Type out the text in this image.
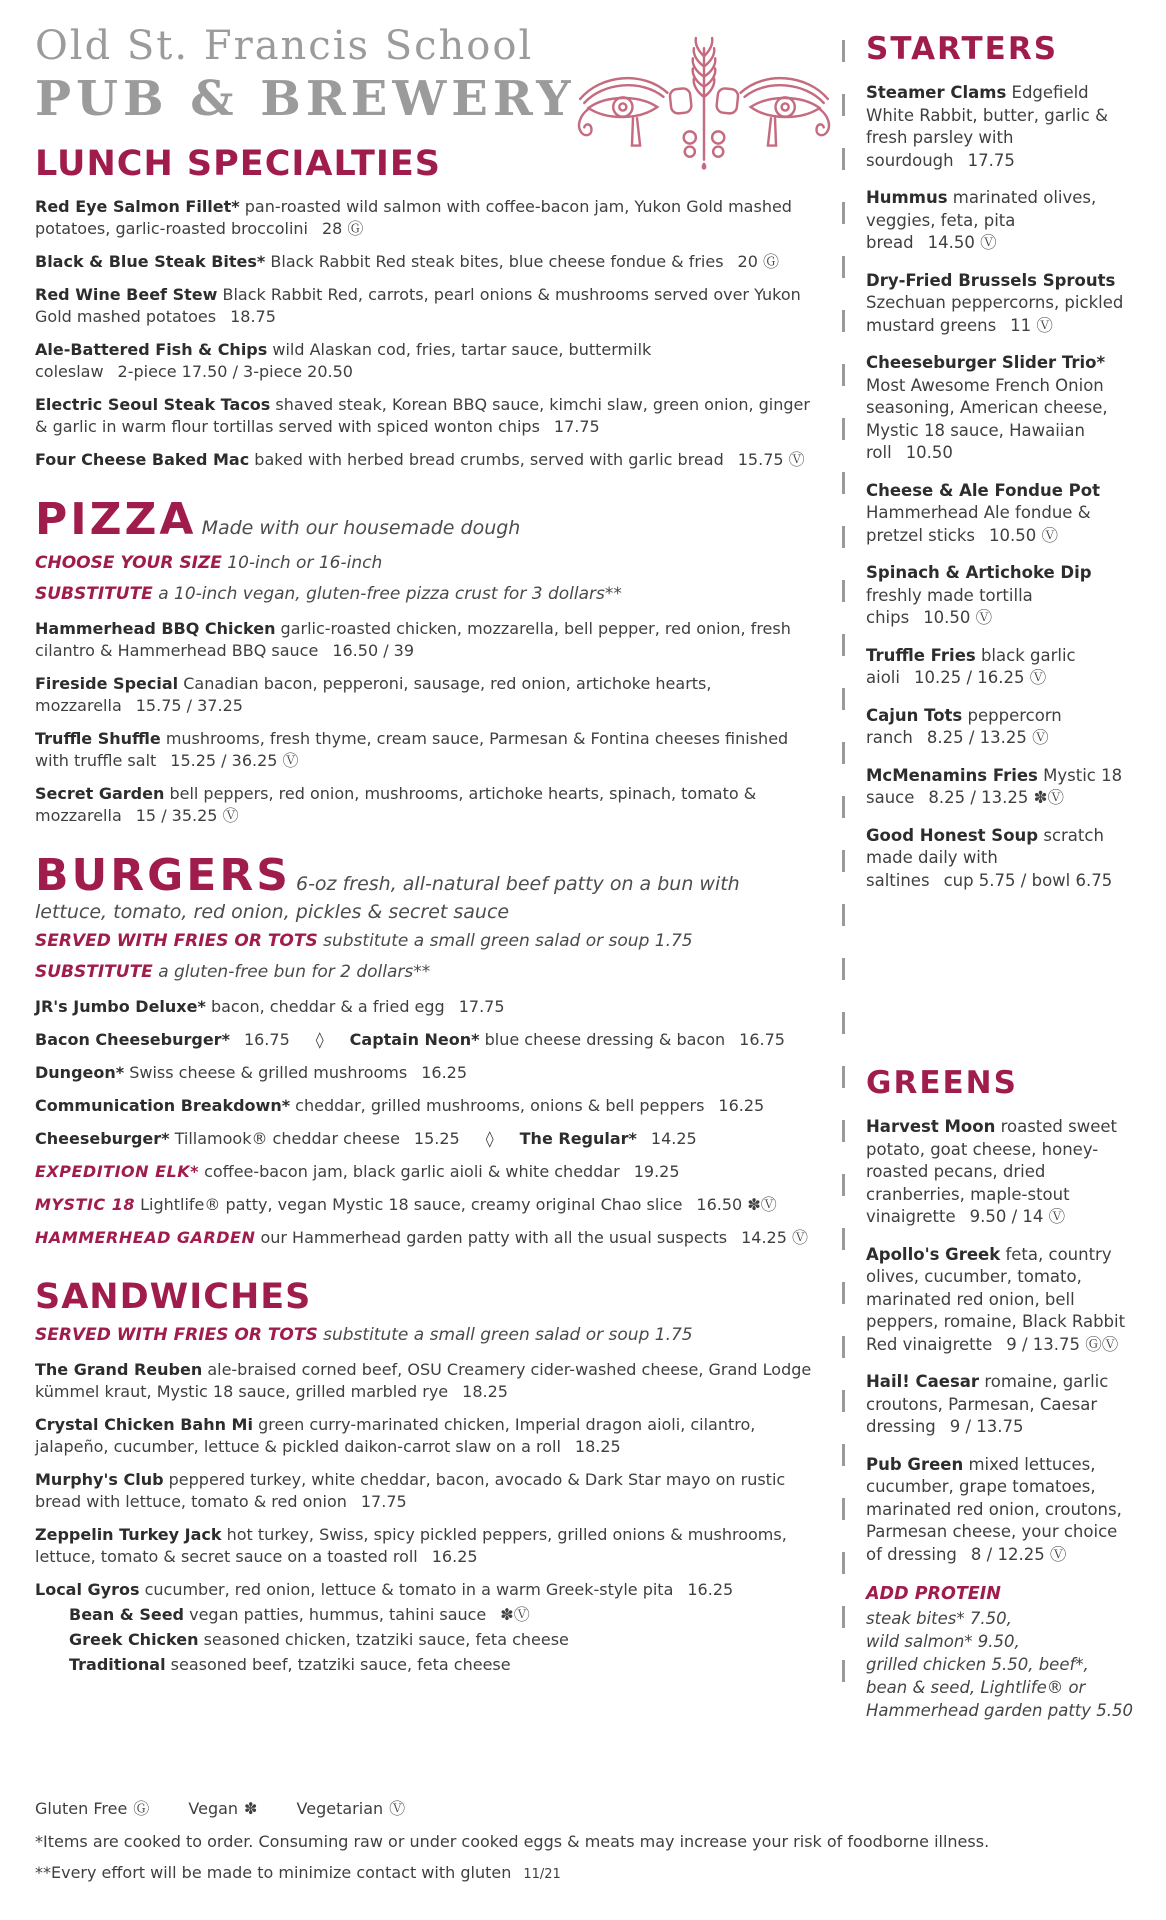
Old St. Francis School
PUB & BREWERY
LUNCH SPECIALTIES

Red Eye Salmon Fillet* pan-roasted wild salmon with coffee-bacon jam, Yukon Gold mashed potatoes, garlic-roasted broccolini 28 Ⓖ

Black & Blue Steak Bites* Black Rabbit Red steak bites, blue cheese fondue & fries 20 Ⓖ

Red Wine Beef Stew Black Rabbit Red, carrots, pearl onions & mushrooms served over Yukon Gold mashed potatoes 18.75

Ale-Battered Fish & Chips wild Alaskan cod, fries, tartar sauce, buttermilk coleslaw 2-piece 17.50 / 3-piece 20.50

Electric Seoul Steak Tacos shaved steak, Korean BBQ sauce, kimchi slaw, green onion, ginger & garlic in warm flour tortillas served with spiced wonton chips 17.75

Four Cheese Baked Mac baked with herbed bread crumbs, served with garlic bread 15.75 Ⓥ

PIZZA Made with our housemade dough

CHOOSE YOUR SIZE 10-inch or 16-inch

SUBSTITUTE a 10-inch vegan, gluten-free pizza crust for 3 dollars**

Hammerhead BBQ Chicken garlic-roasted chicken, mozzarella, bell pepper, red onion, fresh cilantro & Hammerhead BBQ sauce 16.50 / 39

Fireside Special Canadian bacon, pepperoni, sausage, red onion, artichoke hearts, mozzarella 15.75 / 37.25

Truffle Shuffle mushrooms, fresh thyme, cream sauce, Parmesan & Fontina cheeses finished with truffle salt 15.25 / 36.25 Ⓥ

Secret Garden bell peppers, red onion, mushrooms, artichoke hearts, spinach, tomato & mozzarella 15 / 35.25 Ⓥ

BURGERS 6-oz fresh, all-natural beef patty on a bun with lettuce, tomato, red onion, pickles & secret sauce

SERVED WITH FRIES OR TOTS substitute a small green salad or soup 1.75

SUBSTITUTE a gluten-free bun for 2 dollars**

JR's Jumbo Deluxe* bacon, cheddar & a fried egg 17.75

Bacon Cheeseburger* 16.75 ◊ Captain Neon* blue cheese dressing & bacon 16.75

Dungeon* Swiss cheese & grilled mushrooms 16.25

Communication Breakdown* cheddar, grilled mushrooms, onions & bell peppers 16.25

Cheeseburger* Tillamook® cheddar cheese 15.25 ◊ The Regular* 14.25

EXPEDITION ELK* coffee-bacon jam, black garlic aioli & white cheddar 19.25

MYSTIC 18 Lightlife® patty, vegan Mystic 18 sauce, creamy original Chao slice 16.50 ✽Ⓥ

HAMMERHEAD GARDEN our Hammerhead garden patty with all the usual suspects 14.25 Ⓥ

SANDWICHES

SERVED WITH FRIES OR TOTS substitute a small green salad or soup 1.75

The Grand Reuben ale-braised corned beef, OSU Creamery cider-washed cheese, Grand Lodge kümmel kraut, Mystic 18 sauce, grilled marbled rye 18.25

Crystal Chicken Bahn Mi green curry-marinated chicken, Imperial dragon aioli, cilantro, jalapeño, cucumber, lettuce & pickled daikon-carrot slaw on a roll 18.25

Murphy's Club peppered turkey, white cheddar, bacon, avocado & Dark Star mayo on rustic bread with lettuce, tomato & red onion 17.75

Zeppelin Turkey Jack hot turkey, Swiss, spicy pickled peppers, grilled onions & mushrooms, lettuce, tomato & secret sauce on a toasted roll 16.25

Local Gyros cucumber, red onion, lettuce & tomato in a warm Greek-style pita 16.25

Bean & Seed vegan patties, hummus, tahini sauce ✽Ⓥ

Greek Chicken seasoned chicken, tzatziki sauce, feta cheese

Traditional seasoned beef, tzatziki sauce, feta cheese

STARTERS

Steamer Clams Edgefield White Rabbit, butter, garlic & fresh parsley with sourdough 17.75

Hummus marinated olives, veggies, feta, pita bread 14.50 Ⓥ

Dry-Fried Brussels Sprouts Szechuan peppercorns, pickled mustard greens 11 Ⓥ

Cheeseburger Slider Trio* Most Awesome French Onion seasoning, American cheese, Mystic 18 sauce, Hawaiian roll 10.50

Cheese & Ale Fondue Pot Hammerhead Ale fondue & pretzel sticks 10.50 Ⓥ

Spinach & Artichoke Dip freshly made tortilla chips 10.50 Ⓥ

Truffle Fries black garlic aioli 10.25 / 16.25 Ⓥ

Cajun Tots peppercorn ranch 8.25 / 13.25 Ⓥ

McMenamins Fries Mystic 18 sauce 8.25 / 13.25 ✽Ⓥ

Good Honest Soup scratch made daily with saltines cup 5.75 / bowl 6.75

GREENS

Harvest Moon roasted sweet potato, goat cheese, honey-roasted pecans, dried cranberries, maple-stout vinaigrette 9.50 / 14 Ⓥ

Apollo's Greek feta, country olives, cucumber, tomato, marinated red onion, bell peppers, romaine, Black Rabbit Red vinaigrette 9 / 13.75 ⒼⓋ

Hail! Caesar romaine, garlic croutons, Parmesan, Caesar dressing 9 / 13.75

Pub Green mixed lettuces, cucumber, grape tomatoes, marinated red onion, croutons, Parmesan cheese, your choice of dressing 8 / 12.25 Ⓥ

ADD PROTEIN
steak bites* 7.50,
wild salmon* 9.50,
grilled chicken 5.50, beef*,
bean & seed, Lightlife® or
Hammerhead garden patty 5.50
Gluten Free Ⓖ Vegan ✽ Vegetarian Ⓥ

*Items are cooked to order. Consuming raw or under cooked eggs & meats may increase your risk of foodborne illness.

**Every effort will be made to minimize contact with gluten 11/21
